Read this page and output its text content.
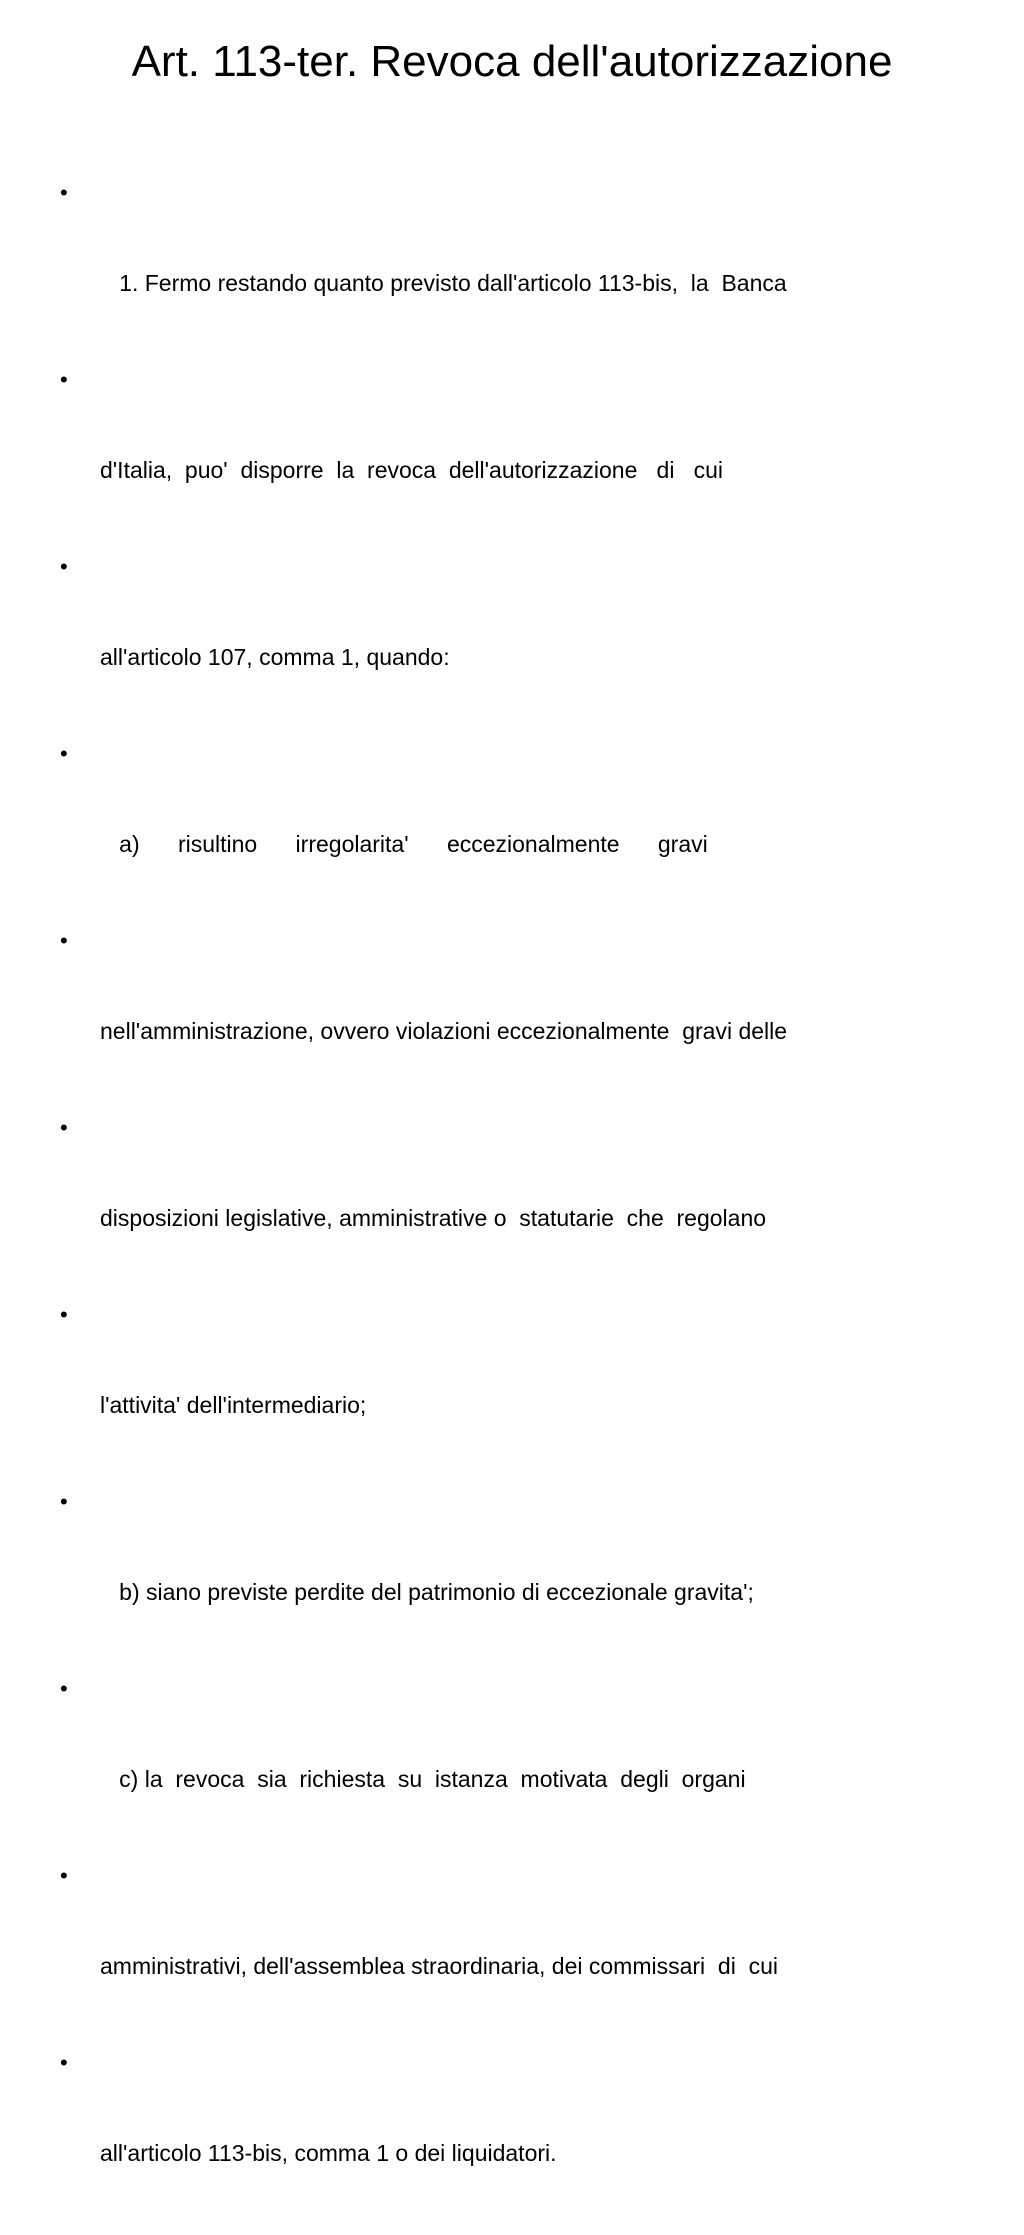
Art. 113-ter. Revoca dell'autorizzazione

•

1. Fermo restando quanto previsto dall'articolo 113-bis,  la  Banca

•

d'Italia,  puo'  disporre  la  revoca  dell'autorizzazione   di   cui

•

all'articolo 107, comma 1, quando:

•

a)      risultino      irregolarita'      eccezionalmente      gravi

•

nell'amministrazione, ovvero violazioni eccezionalmente  gravi delle

•

disposizioni legislative, amministrative o  statutarie  che  regolano

•

l'attivita' dell'intermediario;

•

b) siano previste perdite del patrimonio di eccezionale gravita';

•

c) la  revoca  sia  richiesta  su  istanza  motivata  degli  organi

•

amministrativi, dell'assemblea straordinaria, dei commissari  di  cui

•

all'articolo 113-bis, comma 1 o dei liquidatori.
